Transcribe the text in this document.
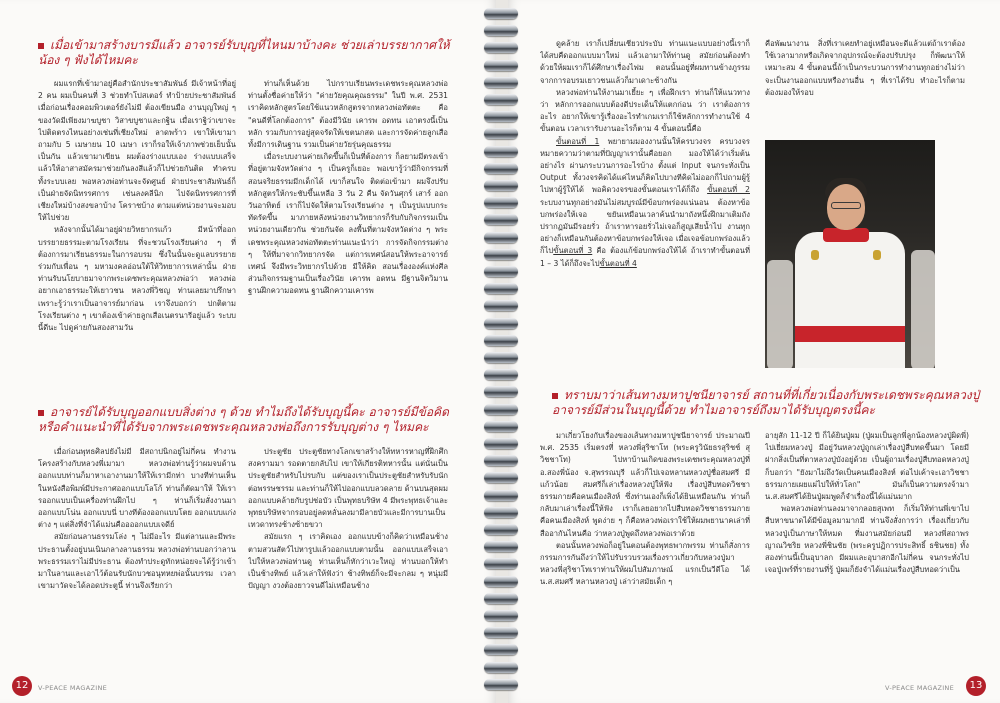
เมื่อเข้ามาสร้างบารมีแล้ว อาจารย์รับบุญที่ไหนมาบ้างคะ ช่วยเล่าบรรยากาศให้น้อง ๆ ฟังได้ไหมคะ

ผมแรกที่เข้ามาอยู่คือสำนักประชาสัมพันธ์ มีเจ้าหน้าที่อยู่ 2 คน ผมเป็นคนที่ 3 ช่วยทำโปสเตอร์ ทำป้ายประชาสัมพันธ์เมื่อก่อนเรื่องคอมพิวเตอร์ยังไม่มี ต้องเขียนมือ งานบุญใหญ่ ๆ ของวัดมีเพียงมาฆบูชา วิสาขบูชาและกฐิน เมื่อเราฐิว่าเขาจะไปติดตรงไหนอย่างเช่นที่เชียงใหม่ ลาดพร้าว เขาให้เขามาถามกับ 5 เมษายน 10 เมษา เราก็รอให้เจ้าภาพช่วยเย็บนั้นเป็นกัน แล้วเขามาเขียน ผมต้องร่างแบบเอง ร่างแบบเสร็จแล้วให้อาสาสมัครมาช่วยกันลงสีแล้วก็ไปช่วยกันติด ทำครบทั้งระบบเลย พอหลวงพ่อท่านจะจัดศูนย์ ฝ่ายประชาสัมพันธ์ก็เป็นฝ่ายจัดนิทรรศการ เช่นลงคลีนิก ไปจัดนิทรรศการที่เชียงใหม่บ้างสงขลาบ้าง โคราชบ้าง ตามแต่หน่วยงานจะมอบให้ไปช่วย

หลังจากนั้นได้มาอยู่ฝ่ายวิทยากรแก้ว มีหน้าที่ออกบรรยายธรรมะตามโรงเรียน ที่จะชวนโรงเรียนต่าง ๆ ที่ต้องการมาเรียนธรรมะในการอบรม ซึ่งในนั้นจะดูแลบรรยายร่วมกับเพื่อน ๆ มหามงคลอ่อนใต้ให้วิทยาการเหล่านั้น ฝ่าย ท่านรับนโยบายมาจากพระเดชพระคุณหลวงพ่อว่า หลวงพ่ออยากเอาธรรมะให้เยาวชน หลวงพี่วิชญ ท่านเลยมาปรึกษาเพราะรู้ว่าเราเป็นอาจารย์มาก่อน เราจึงบอกว่า ปกติตามโรงเรียนต่าง ๆ เขาต้องเข้าค่ายลูกเสือเนตรนารีอยู่แล้ว ระบบนี้ดีนะ ไปดูค่ายกันสองสามวัน

ท่านก็เห็นด้วย ไปกราบเรียนพระเดชพระคุณหลวงพ่อ ท่านตั้งชื่อค่ายให้ว่า "ค่ายวัยคุณคุณธรรม" ในปี พ.ศ. 2531 เราคิดหลักสูตรโดยใช้แนวหลักสูตรจากหลวงพ่อทัตตะ คือ "คนดีที่โลกต้องการ" ต้องมีวินัย เคารพ อดทน เอาตรงนี้เป็นหลัก รวมกับการอยู่สุดจรัดให้เขตนกสด และการจัดค่ายลูกเสือทั้งมีการเดินฐาน รวมเป็นค่ายวัยรุ่นคุณธรรม

เมื่อระบบงานค่ายเกิดขึ้นก็เป็นที่ต้องการ ก็ลยามมีตรงเข้าที่อยู่ตามจังหวัดต่าง ๆ เป็นครูก็เยอะ พอเขารู้ว่ามีกิจกรรมที่สอนจริยธรรมมีกเด็กได้ เขาก็สนใจ ติดต่อเข้ามา ผมจึงปรับหลักสูตรให้กระชับขึ้นเหลือ 3 วัน 2 คืน จัดวันศุกร์ เสาร์ ออกวันอาทิตย์ เราก็ไปจัดให้ตามโรงเรียนต่าง ๆ เป็นรูปแบบกระทัดรัดขึ้น มาภายหลังหน่วยงานวิทยากรก็รับกับกิจกรรมเป็นหน่วยงานเดียวกัน ช่วยกันจัด ลงพื้นที่ตามจังหวัดต่าง ๆ พระเดชพระคุณหลวงพ่อทัตตะท่านแนะนำว่า การจัดกิจกรรมต่าง ๆ ให้ที่มาจากวิทยากรจัด แต่การเทศน์สอนให้พระอาจารย์เทศน์ จึงมีพระวิทยากรไปด้วย มีให้คิด สอนเรื่ององค์แห่งศีลส่วนกิจกรรมฐานเป็นเรื่องวินัย เคารพ อดทน มีฐานจิตวิมาน ฐานฝึกความอดทน ฐานฝึกความเคารพ

อาจารย์ได้รับบุญออกแบบสิ่งต่าง ๆ ด้วย ทำไมถึงได้รับบุญนี้คะ อาจารย์มีข้อคิดหรือคำแนะนำที่ได้รับจากพระเดชพระคุณหลวงพ่อถึงการรับบุญต่าง ๆ ไหมคะ

เมื่อก่อนพุทธศิลปยังไม่มี มีสถาปนิกอยู่ไม่กี่คน ทำงานโครงสร้างกับหลวงพี่เมามา หลวงพ่อท่านรู้ว่าผมจบด้านออกแบบท่านก็มาหาเอางานมาให้ให้เรามีกท่า บางทีท่านเห็นในหนังสือพิมพ์มีประกาศออกแบบโลโก้ ท่านก็ตัดมาให้ ให้เรารออกแบบเป็นเครื่องท่านฝึกไป ๆ ท่านก็เริ่มสั่งงานมา ออกแบบโน่น ออกแบบนี่ บางทีต้องออกแบบโตย ออกแบบแก่งต่าง ๆ แต่สิ่งที่จำได้แม่นคืออออกแบบเจดีย์

สมัยก่อนลานธรรมโล่ง ๆ ไม่มีอะไร มีแต่ลานและมีพระประธานตั้งอยู่บนเนินกลางลานธรรม หลวงพ่อท่านบอกว่าลานพระธรรมเราไม่มีประธาน ต้องทำประดูทักหน่อยจะได้รู้ว่าเข้ามาในลานและเอาไว้ต้อนรับนักบวชอนุทหยพ่อนั้นบรรม เวลาเขามาวัดจะได้ลอดประตูนี้ ท่านจึงเรียกว่า

ประตูชัย ประตูชัยทางโลกเขาสร้างให้ทหารหาญที่ฝึกศึกสงครามมา รอดตายกลับไป เขาให้เกียรติทหารนั้น แต่นั่นเป็นประตูชัยสำหรับไปรบกับ แต่ของเราเป็นประตูชัยสำหรับรับนักต่อพรรษชรรม และท่านก็ให้ไปออกแบบลวดลาย ด้านบนสุดผมออกแบบคล้ายกับรูปช่อบัว เป็นพุทธบริษัท 4 มีพระพุทธเจ้าและพุทธบริษัทจากรอบอยู่ลดหลั่นลงมามีลายบัวและมีการบานเป็น เทวดาทรงช้างซ้ายขวา

สมัยแรก ๆ เราคิดเอง ออกแบบข้างก็คิดว่าเหมือนช้างตามสวนสัตว์ไปหารูปแล้วออกแบบตามนั้น ออกแบบเสร็จเอาไปให้หลวงพ่อท่านดู ท่านเห็นก็ทักว่าเวะใหญ่ ท่านบอกให้ทำเป็นช้างทิพย์ แล้วเล่าให้ฟังว่า ช้างทิพย์ก็จะมีจะกลม ๆ หนุ่มมีปัญญา งวงต้องยาวจนดีไม่เหมือนช้าง

12	V-PEACE MAGAZINE

ดูคล้าย เราก็เปลี่ยนเชียวประบับ ท่านแนะแบบอย่างนี้เราก็ได้สบคืดออกแบบมาใหม่ แล้วเอามาให้ท่านดู สมัยก่อนต้องทำด้วยให้ผมเราก็ได้ศึกษาเรื่องไฟม ตอนนั้นอยู่ที่ผมทานข้างภูรรมจากการอบรมเยาวชนแล้วก็มาเดาะช้างกัน

หลวงพ่อท่านให้งานมาเยี้ยะ ๆ เพื่อฝึกเรา ท่านก็ให้แนวทางว่า หลักการออกแบบต้องดีประเด็นให้แตกก่อน ว่า เราต้องการอะไร อยากให้เขารู้เรื่องอะไรทำเกมเราก็ใช้หลักการทำงานใช้ 4 ขั้นตอน เวลาเรารับงานอะไรก็ตาม 4 ขั้นตอนนี้คือ

ขั้นตอนที่ 1 พยายามมองงานนั้นให้ครบวงจร ครบวงจรหมายความว่าตามที่ปัญญาเรานั้นคือยอก มองให้ได้ว่าเริ่มต้นอย่างไร ผ่านกระบวนการอะไรบ้าง ตั้งแต่ Input จนกระทั่งเป็น Output ทั้งวงจรคิดได้แค่ไหนก็คิดไปบางทีคิดไม่ออกก็ไปถามผู้รู้ ไปหาผู้รู้ให้ได้ พอคิดวงจรของขั้นตอนเราได้ก็ถึง ขั้นตอนที่ 2 ระบบงานทุกอย่างมันไม่สมบูรณ์มีข้อบกพร่องแน่นอน ต้องหาข้อบกพร่องให้เจอ ขยันเหมือนเวลาค้นนำมาถังหนึ่งฝึกมาเติมถังปรากฏมันมีรอยรั่ว ถ้าเราหารอยรั่วไม่เจอก็สูญเสียน้ำไป งานทุกอย่างก็เหมือนกันต้องหาข้อบกพร่องให้เจอ เมื่อเจอข้อบกพร่องแล้วก็ไปขั้นตอนที่ 3 คือ ต้องแก้ข้อบกพร่องให้ได้ ถ้าเราทำขั้นตอนที่ 1 – 3 ได้ก็ถึงจะไปขั้นตอนที่ 4

คือพัฒนางาน สิ่งที่เราเคยทำอยู่เหมือนจะดีแล้วแต่ถ้าเราต้องใช้เวลามากหรือเกิดจากอุปกรณ์จะต้องปรับปรุง ก็พัฒนาให้เหมาะสม 4 ขั้นตอนนี้ถ้าเป็นกระบวนการทำงานทุกอย่างไม่ว่าจะเป็นงานออกแบบหรืองานอื่น ๆ ที่เราได้รับ ทำอะไรก็ตามต้องมองให้รอบ

ทราบมาว่าเส้นทางมหาปูชนียาจารย์ สถานที่ที่เกี่ยวเนื่องกับพระเดชพระคุณหลวงปู่ อาจารย์มีส่วนในบุญนี้ด้วย ทำไมอาจารย์ถึงมาได้รับบุญตรงนี้คะ

มาเกี่ยวโยงกับเรื่องของเส้นทางมหาปูชนียาจารย์ ประมาณปี พ.ศ. 2535 เริ่มตรงที่ หลวงพี่สุริชาโท (พระครูวินัยธรสุริชช์ สุวิชชาโท) ไปหาบ้านเกิดของพระเดชพระคุณหลวงปู่ที่ อ.สองพี่น้อง จ.สุพรรณบุรี แล้วก็ไปเจอหลานหลวงปู่ชื่อสมศรี มีแก้วน้อย สมศรีก็เล่าเรื่องหลวงปู่ให้ฟัง เรื่องปู่สีบทอดวิชชาธรรมกายคือคนเมืองสิงห์ ซึ่งท่านเองก็เพิ่งได้ยินเหมือนกัน ท่านก็กลับมาเล่าเรื่องนี้ให้ฟัง เราก็เลยอยากไปสืบทอดวิชชาธรรมกายคือคนเมืองสิงห์ พูดง่าย ๆ ก็คือหลวงพ่อเราใช้ให้ผมพยานาคเล่าที่สืออากันไหนคือ ว่าหลวงปู่พูดถึงหลวงพ่อเราด้วย

ตอนนั้นหลวงพ่อก็อยู่ในตอนต้องพุทธพากพรรม ท่านก็สั่งการกรรมการกันถึงว่าให้ไปรับรวบรวมเรื่องราวเกี่ยวกับหลวงปู่มา หลวงพี่สุริชาโทเราท่านให้ผมไปสัมภาษณ์ แรกเป็นวีดีโอ ได้ น.ส.สมศรี หลานหลวงปู่ เล่าว่าสมัยเด็ก ๆ

อายุสัก 11-12 ปี ก็ได้ยินปู่ผม (ปู่ผมเป็นลูกพี่ลูกน้องหลวงปู่ผิดพี่) ไปเยี่ยมหลวงปู่ มีอยู่วันหลวงปู่ถูกเล่าเรื่องปู่สืบทดขึ้นมา โดยมีฝากสิ่งเป็นที่ตาหลวงปู่บังอยู่ด้วย เป็นผู้ถามเรื่องปู่สืบทอดหลวงปู่ก็บอกว่า "ยังมาไม่ถึงวัดเป็นคนเมืองสิงห์ ต่อไปเค้าจะเอาวิชชาธรรมกายเผยแผ่ไปให้ทั่วโลก" มันก็เป็นความตรงจ้ามา น.ส.สมศรีได้ยินปู่ผมพูดก็จำเรื่องนี้ได้แม่นมาก

พอหลวงพ่อท่านลงมาจากลอยสุเพท ก็เริ่มให้ท่านพี่เขาไปสืบหาขนาดได้มีข้อมูลมามากมี ท่านจึงสั่งการว่า เรื่องเกี่ยวกับหลวงปู่เป็นภาษาให้หมด ที่มงานสมัยก่อนมี หลวงพี่สถาพร ญาณวิชริย หลวงพี่ชินชัย (พระครูปฏิการประสิทธิ์ ธชินชย) ทั้งสองท่านนี้เป็นอุบาลก มีผมและอุบาสกอีกไม่กี่คน จนกระทั่งไปเจอปู่เพร์ที่รายงานที่รู้ ปู่ผมก็ยังจำได้แม่นเรื่องปู่สืบทอดว่าเป็น

V-PEACE MAGAZINE	13
